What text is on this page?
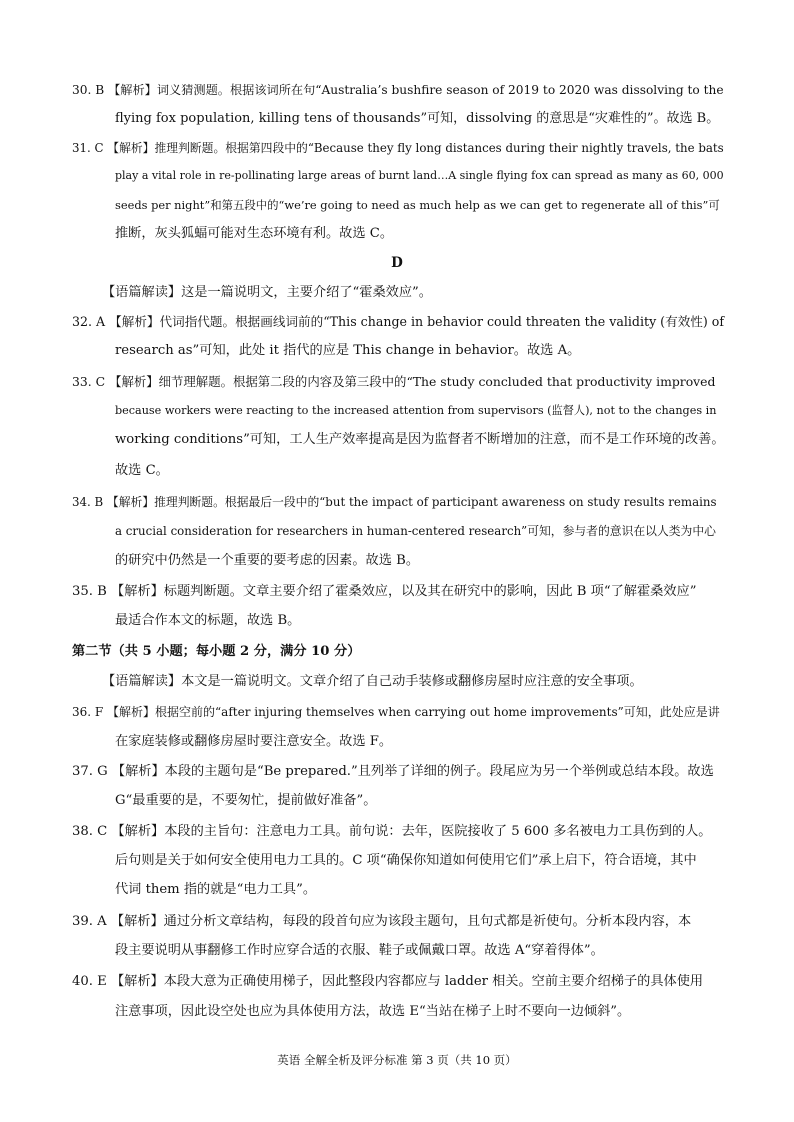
30. B 【解析】词义猜测题。根据该词所在句“Australia’s bushfire season of 2019 to 2020 was dissolving to the
flying fox population, killing tens of thousands”可知，dissolving 的意思是“灾难性的”。故选 B。
31. C 【解析】推理判断题。根据第四段中的“Because they fly long distances during their nightly travels, the bats
play a vital role in re-pollinating large areas of burnt land…A single flying fox can spread as many as 60, 000
seeds per night”和第五段中的“we’re going to need as much help as we can get to regenerate all of this”可
推断，灰头狐蝠可能对生态环境有利。故选 C。
D
【语篇解读】这是一篇说明文，主要介绍了“霍桑效应”。
32. A 【解析】代词指代题。根据画线词前的“This change in behavior could threaten the validity (有效性) of
research as”可知，此处 it 指代的应是 This change in behavior。故选 A。
33. C 【解析】细节理解题。根据第二段的内容及第三段中的“The study concluded that productivity improved
because workers were reacting to the increased attention from supervisors (监督人), not to the changes in
working conditions”可知，工人生产效率提高是因为监督者不断增加的注意，而不是工作环境的改善。
故选 C。
34. B 【解析】推理判断题。根据最后一段中的“but the impact of participant awareness on study results remains
a crucial consideration for researchers in human-centered research”可知，参与者的意识在以人类为中心
的研究中仍然是一个重要的要考虑的因素。故选 B。
35. B 【解析】标题判断题。文章主要介绍了霍桑效应，以及其在研究中的影响，因此 B 项“了解霍桑效应”
最适合作本文的标题，故选 B。
第二节（共 5 小题；每小题 2 分，满分 10 分）
【语篇解读】本文是一篇说明文。文章介绍了自己动手装修或翻修房屋时应注意的安全事项。
36. F 【解析】根据空前的“after injuring themselves when carrying out home improvements”可知，此处应是讲
在家庭装修或翻修房屋时要注意安全。故选 F。
37. G 【解析】本段的主题句是“Be prepared.”且列举了详细的例子。段尾应为另一个举例或总结本段。故选
G“最重要的是，不要匆忙，提前做好准备”。
38. C 【解析】本段的主旨句：注意电力工具。前句说：去年，医院接收了 5 600 多名被电力工具伤到的人。
后句则是关于如何安全使用电力工具的。C 项“确保你知道如何使用它们”承上启下，符合语境，其中
代词 them 指的就是“电力工具”。
39. A 【解析】通过分析文章结构，每段的段首句应为该段主题句，且句式都是祈使句。分析本段内容，本
段主要说明从事翻修工作时应穿合适的衣服、鞋子或佩戴口罩。故选 A“穿着得体”。
40. E 【解析】本段大意为正确使用梯子，因此整段内容都应与 ladder 相关。空前主要介绍梯子的具体使用
注意事项，因此设空处也应为具体使用方法，故选 E“当站在梯子上时不要向一边倾斜”。
英语 全解全析及评分标准 第 3 页（共 10 页）
